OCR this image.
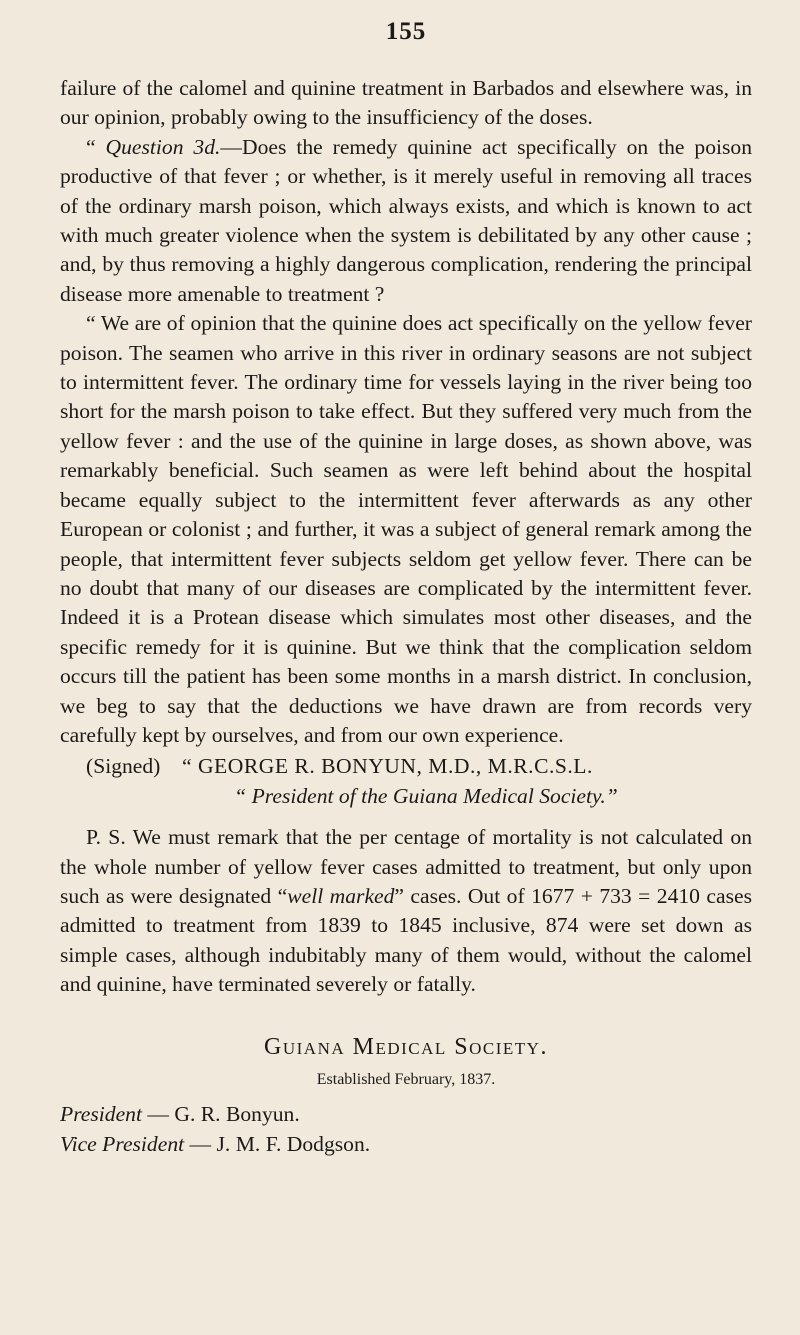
155

failure of the calomel and quinine treatment in Barbados and elsewhere was, in our opinion, probably owing to the insufficiency of the doses.

“ Question 3d.—Does the remedy quinine act specifically on the poison productive of that fever ; or whether, is it merely useful in removing all traces of the ordinary marsh poison, which always exists, and which is known to act with much greater violence when the system is debilitated by any other cause ; and, by thus removing a highly dangerous complication, rendering the principal disease more amenable to treatment ?

“ We are of opinion that the quinine does act specifically on the yellow fever poison. The seamen who arrive in this river in ordinary seasons are not subject to intermittent fever. The ordinary time for vessels laying in the river being too short for the marsh poison to take effect. But they suffered very much from the yellow fever : and the use of the quinine in large doses, as shown above, was remarkably beneficial. Such seamen as were left behind about the hospital became equally subject to the intermittent fever afterwards as any other European or colonist ; and further, it was a subject of general remark among the people, that intermittent fever subjects seldom get yellow fever. There can be no doubt that many of our diseases are complicated by the intermittent fever. Indeed it is a Protean disease which simulates most other diseases, and the specific remedy for it is quinine. But we think that the complication seldom occurs till the patient has been some months in a marsh district. In conclusion, we beg to say that the deductions we have drawn are from records very carefully kept by ourselves, and from our own experience.

(Signed) “ GEORGE R. BONYUN, M.D., M.R.C.S.L.
“ President of the Guiana Medical Society.”

P. S. We must remark that the per centage of mortality is not calculated on the whole number of yellow fever cases admitted to treatment, but only upon such as were designated “well marked” cases. Out of 1677 + 733 = 2410 cases admitted to treatment from 1839 to 1845 inclusive, 874 were set down as simple cases, although indubitably many of them would, without the calomel and quinine, have terminated severely or fatally.

Guiana Medical Society.
Established February, 1837.
President — G. R. Bonyun.
Vice President — J. M. F. Dodgson.
